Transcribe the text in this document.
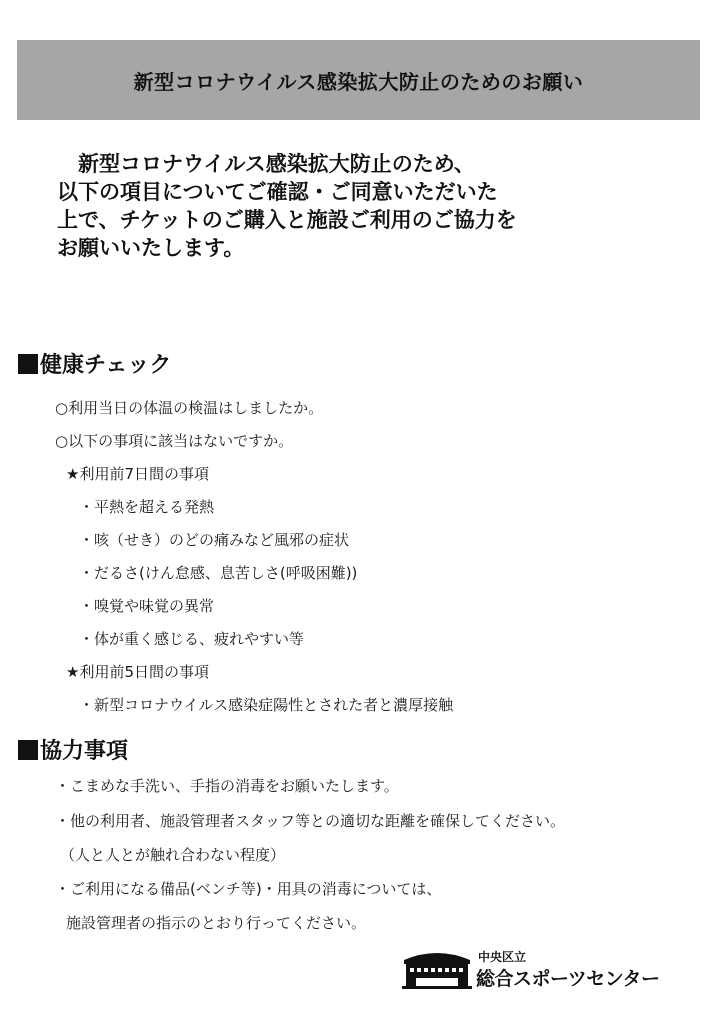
新型コロナウイルス感染拡大防止のためのお願い
　新型コロナウイルス感染拡大防止のため、
以下の項目についてご確認・ご同意いただいた
上で、チケットのご購入と施設ご利用のご協力を
お願いいたします。
健康チェック
○利用当日の体温の検温はしましたか。
○以下の事項に該当はないですか。
★利用前7日間の事項
・平熱を超える発熱
・咳（せき）のどの痛みなど風邪の症状
・だるさ(けん怠感、息苦しさ(呼吸困難))
・嗅覚や味覚の異常
・体が重く感じる、疲れやすい等
★利用前5日間の事項
・新型コロナウイルス感染症陽性とされた者と濃厚接触
協力事項
・こまめな手洗い、手指の消毒をお願いたします。
・他の利用者、施設管理者スタッフ等との適切な距離を確保してください。
（人と人とが触れ合わない程度）
・ご利用になる備品(ベンチ等)・用具の消毒については、
施設管理者の指示のとおり行ってください。
中央区立
総合スポーツセンター
